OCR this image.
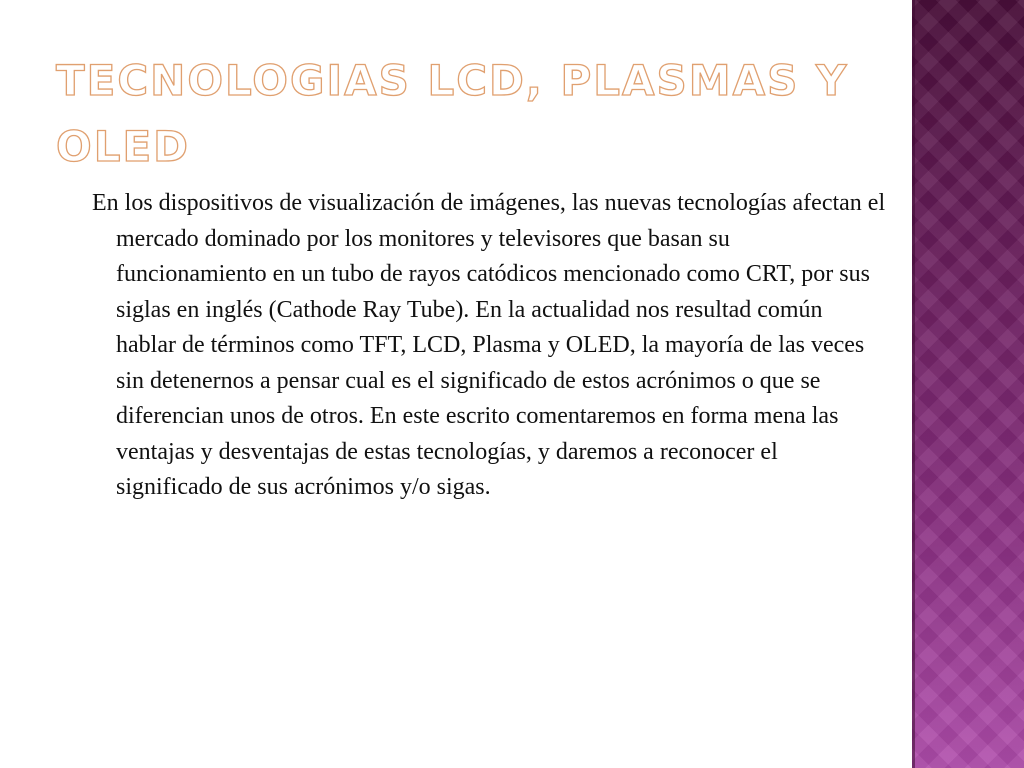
TECNOLOGIAS LCD, PLASMAS Y OLED

En los dispositivos de visualización de imágenes, las nuevas tecnologías afectan el mercado dominado por los monitores y televisores que basan su funcionamiento en un tubo de rayos catódicos mencionado como CRT, por sus siglas en inglés (Cathode Ray Tube). En la actualidad nos resultad común hablar de términos como TFT, LCD, Plasma y OLED, la mayoría de las veces sin detenernos a pensar cual es el significado de estos acrónimos o que se diferencian unos de otros. En este escrito comentaremos en forma mena las ventajas y desventajas de estas tecnologías, y daremos a reconocer el significado de sus acrónimos y/o sigas.
